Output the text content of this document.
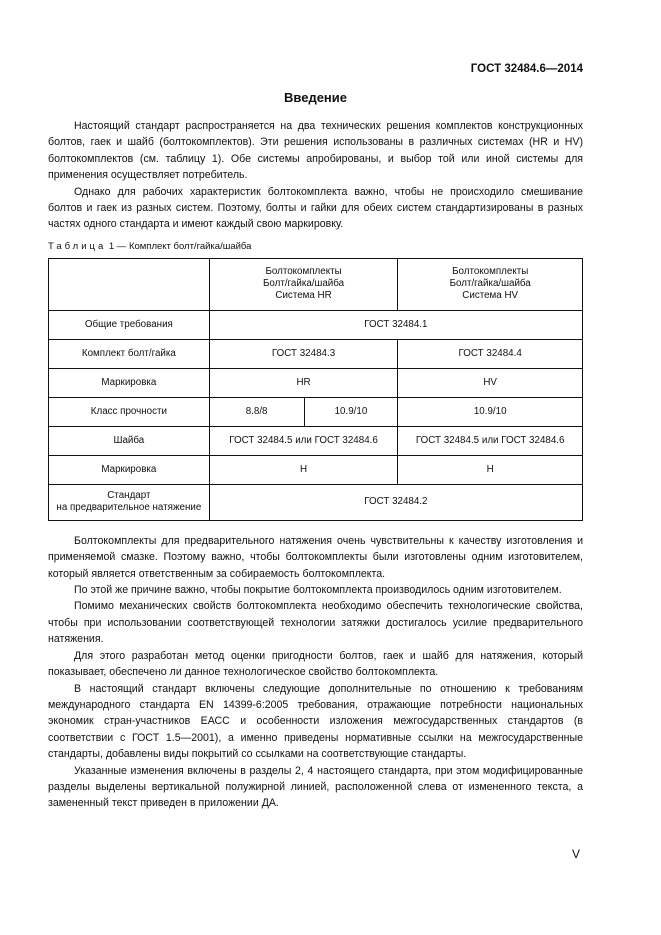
ГОСТ 32484.6—2014
Введение

Настоящий стандарт распространяется на два технических решения комплектов конструкционных болтов, гаек и шайб (болтокомплектов). Эти решения использованы в различных системах (HR и HV) болтокомплектов (см. таблицу 1). Обе системы апробированы, и выбор той или иной системы для применения осуществляет потребитель.

Однако для рабочих характеристик болтокомплекта важно, чтобы не происходило смешивание болтов и гаек из разных систем. Поэтому, болты и гайки для обеих систем стандартизированы в разных частях одного стандарта и имеют каждый свою маркировку.

Таблица 1 — Комплект болт/гайка/шайба
	Болтокомплекты
Болт/гайка/шайба
Система HR		Болтокомплекты
Болт/гайка/шайба
Система HV
Общие требования	ГОСТ 32484.1		
Комплект болт/гайка	ГОСТ 32484.3		ГОСТ 32484.4
Маркировка	HR		HV
Класс прочности	8.8/8	10.9/10	10.9/10
Шайба	ГОСТ 32484.5 или ГОСТ 32484.6		ГОСТ 32484.5 или ГОСТ 32484.6
Маркировка	H		H
Стандарт
на предварительное натяжение	ГОСТ 32484.2		

Болтокомплекты для предварительного натяжения очень чувствительны к качеству изготовления и применяемой смазке. Поэтому важно, чтобы болтокомплекты были изготовлены одним изготовителем, который является ответственным за собираемость болтокомплекта.

По этой же причине важно, чтобы покрытие болтокомплекта производилось одним изготовителем.

Помимо механических свойств болтокомплекта необходимо обеспечить технологические свойства, чтобы при использовании соответствующей технологии затяжки достигалось усилие предварительного натяжения.

Для этого разработан метод оценки пригодности болтов, гаек и шайб для натяжения, который показывает, обеспечено ли данное технологическое свойство болтокомплекта.

В настоящий стандарт включены следующие дополнительные по отношению к требованиям международного стандарта EN 14399-6:2005 требования, отражающие потребности национальных экономик стран-участников ЕАСС и особенности изложения межгосударственных стандартов (в соответствии с ГОСТ 1.5—2001), а именно приведены нормативные ссылки на межгосударственные стандарты, добавлены виды покрытий со ссылками на соответствующие стандарты.

Указанные изменения включены в разделы 2, 4 настоящего стандарта, при этом модифицированные разделы выделены вертикальной полужирной линией, расположенной слева от измененного текста, а замененный текст приведен в приложении ДА.

V
